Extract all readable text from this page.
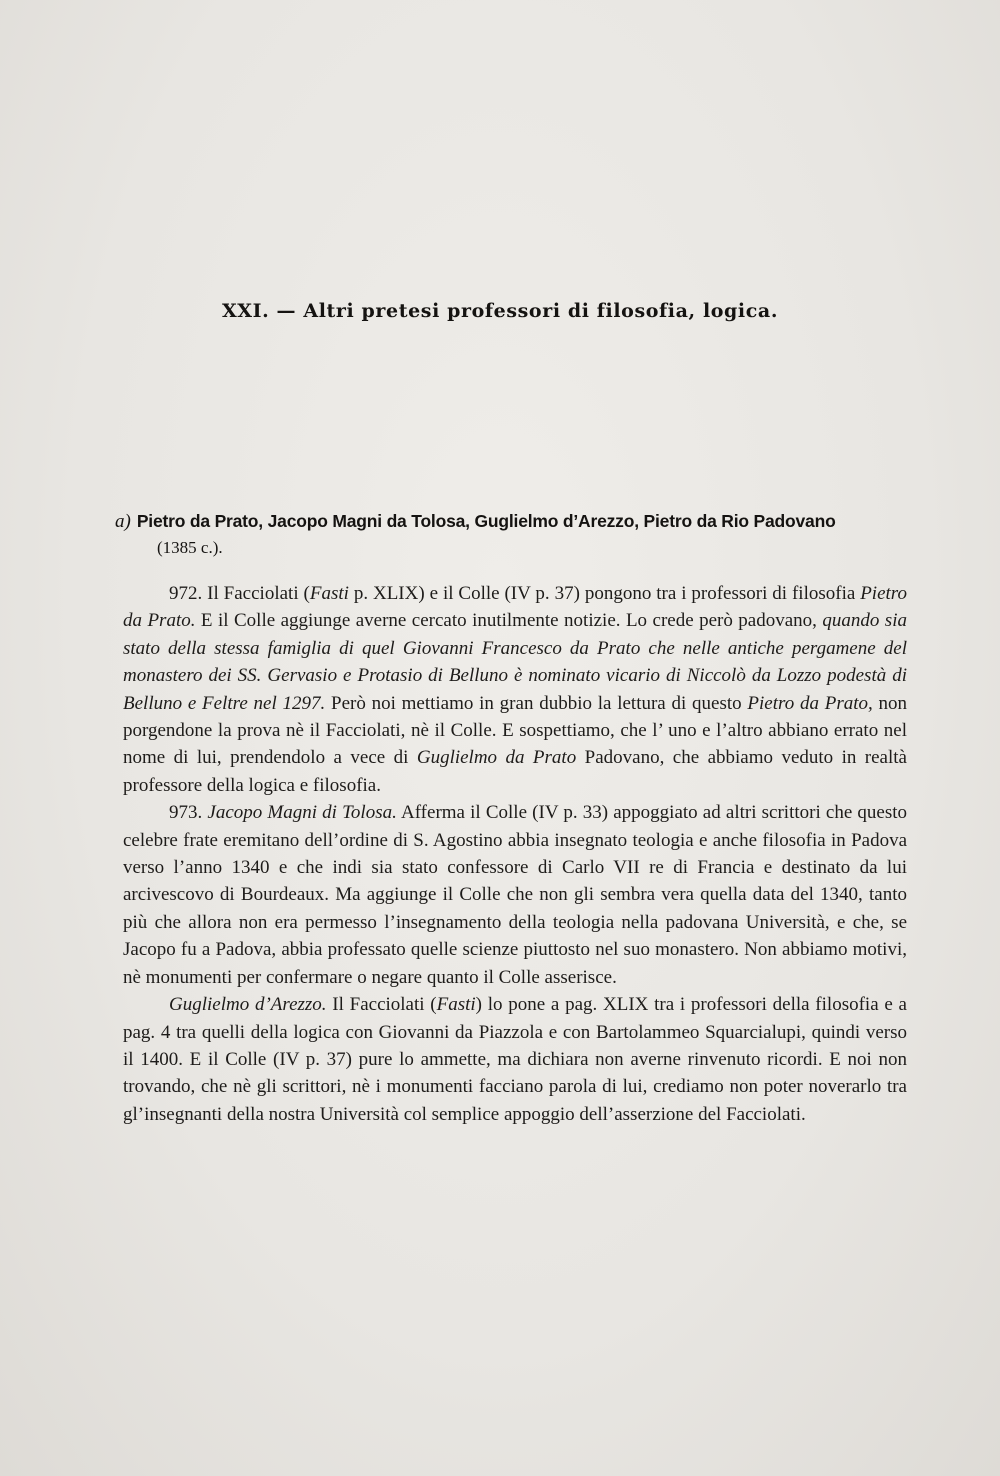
XXI. — Altri pretesi professori di filosofia, logica.
a) Pietro da Prato, Jacopo Magni da Tolosa, Guglielmo d’Arezzo, Pietro da Rio Padovano
(1385 c.).

972. Il Facciolati (Fasti p. XLIX) e il Colle (IV p. 37) pongono tra i professori di filosofia Pietro da Prato. E il Colle aggiunge averne cercato inutilmente notizie. Lo crede però padovano, quando sia stato della stessa famiglia di quel Giovanni Francesco da Prato che nelle antiche pergamene del monastero dei SS. Gervasio e Protasio di Belluno è nominato vicario di Niccolò da Lozzo podestà di Belluno e Feltre nel 1297. Però noi mettiamo in gran dubbio la lettura di questo Pietro da Prato, non porgendone la prova nè il Facciolati, nè il Colle. E sospettiamo, che l’ uno e l’altro abbiano errato nel nome di lui, prendendolo a vece di Guglielmo da Prato Padovano, che abbiamo veduto in realtà professore della logica e filosofia.

973. Jacopo Magni di Tolosa. Afferma il Colle (IV p. 33) appoggiato ad altri scrittori che questo celebre frate eremitano dell’ordine di S. Agostino abbia insegnato teologia e anche filosofia in Padova verso l’anno 1340 e che indi sia stato confessore di Carlo VII re di Francia e destinato da lui arcivescovo di Bourdeaux. Ma aggiunge il Colle che non gli sembra vera quella data del 1340, tanto più che allora non era permesso l’insegnamento della teologia nella padovana Università, e che, se Jacopo fu a Padova, abbia professato quelle scienze piuttosto nel suo monastero. Non abbiamo motivi, nè monumenti per confermare o negare quanto il Colle asserisce.

Guglielmo d’Arezzo. Il Facciolati (Fasti) lo pone a pag. XLIX tra i professori della filosofia e a pag. 4 tra quelli della logica con Giovanni da Piazzola e con Bartolammeo Squarcialupi, quindi verso il 1400. E il Colle (IV p. 37) pure lo ammette, ma dichiara non averne rinvenuto ricordi. E noi non trovando, che nè gli scrittori, nè i monumenti facciano parola di lui, crediamo non poter noverarlo tra gl’insegnanti della nostra Università col semplice appoggio dell’asserzione del Facciolati.
